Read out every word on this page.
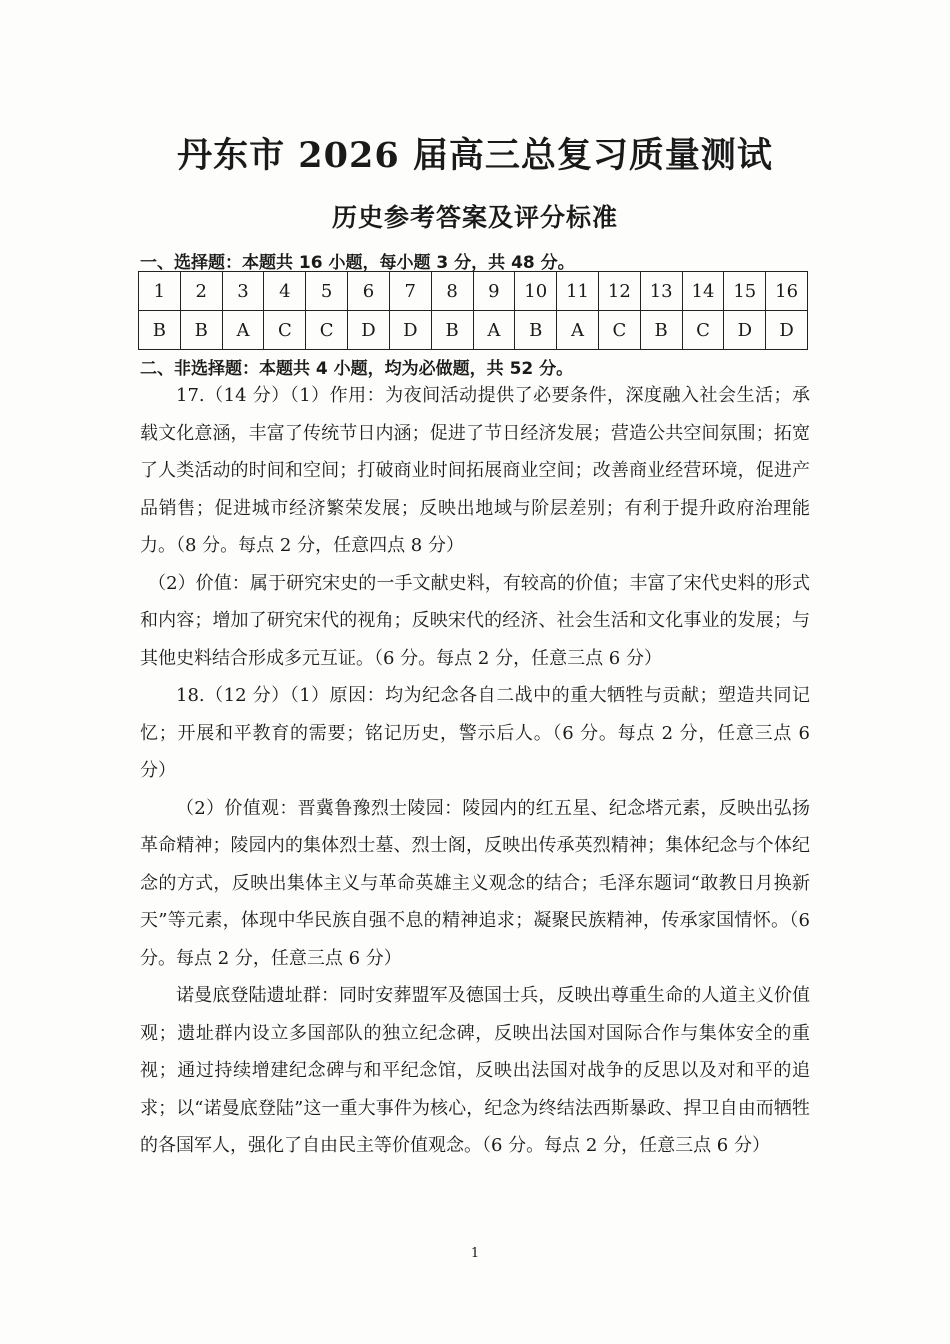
丹东市 2026 届高三总复习质量测试
历史参考答案及评分标准
一、选择题：本题共 16 小题，每小题 3 分，共 48 分。
1	2	3	4	5	6	7	8	9	10	11	12	13	14	15	16
B	B	A	C	C	D	D	B	A	B	A	C	B	C	D	D
二、非选择题：本题共 4 小题，均为必做题，共 52 分。

17.（14 分）（1）作用：为夜间活动提供了必要条件，深度融入社会生活；承载文化意涵，丰富了传统节日内涵；促进了节日经济发展；营造公共空间氛围；拓宽了人类活动的时间和空间；打破商业时间拓展商业空间；改善商业经营环境，促进产品销售；促进城市经济繁荣发展；反映出地域与阶层差别；有利于提升政府治理能力。（8 分。每点 2 分，任意四点 8 分）

（2）价值：属于研究宋史的一手文献史料，有较高的价值；丰富了宋代史料的形式和内容；增加了研究宋代的视角；反映宋代的经济、社会生活和文化事业的发展；与其他史料结合形成多元互证。（6 分。每点 2 分，任意三点 6 分）

18.（12 分）（1）原因：均为纪念各自二战中的重大牺牲与贡献；塑造共同记忆；开展和平教育的需要；铭记历史，警示后人。（6 分。每点 2 分，任意三点 6 分）

（2）价值观：晋冀鲁豫烈士陵园：陵园内的红五星、纪念塔元素，反映出弘扬革命精神；陵园内的集体烈士墓、烈士阁，反映出传承英烈精神；集体纪念与个体纪念的方式，反映出集体主义与革命英雄主义观念的结合；毛泽东题词“敢教日月换新天”等元素，体现中华民族自强不息的精神追求；凝聚民族精神，传承家国情怀。（6 分。每点 2 分，任意三点 6 分）

诺曼底登陆遗址群：同时安葬盟军及德国士兵，反映出尊重生命的人道主义价值观；遗址群内设立多国部队的独立纪念碑，反映出法国对国际合作与集体安全的重视；通过持续增建纪念碑与和平纪念馆，反映出法国对战争的反思以及对和平的追求；以“诺曼底登陆”这一重大事件为核心，纪念为终结法西斯暴政、捍卫自由而牺牲的各国军人，强化了自由民主等价值观念。（6 分。每点 2 分，任意三点 6 分）

1
